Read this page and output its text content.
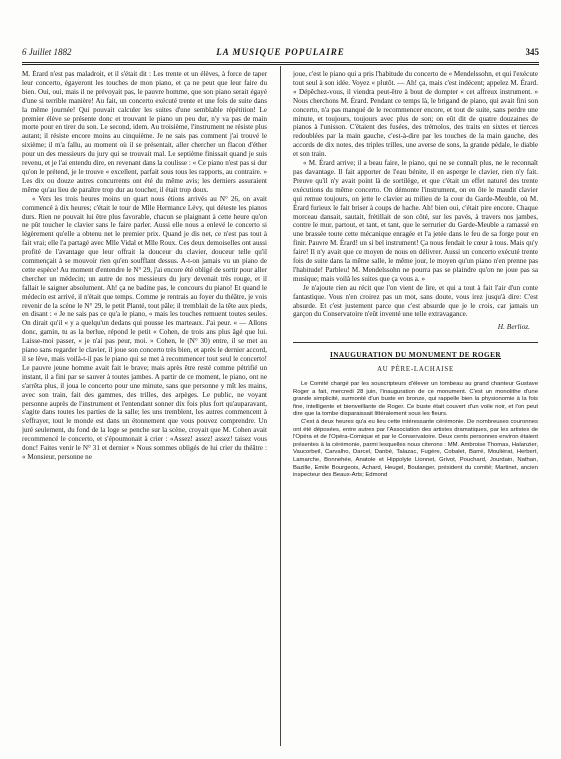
6 Juillet 1882	LA MUSIQUE POPULAIRE	345

M. Érard n'est pas maladroit, et il s'était dit : Les trente et un élèves, à force de taper leur concerto, égayeront les touches de mon piano, et ça ne peut que leur faire du bien. Oui, oui, mais il ne prévoyait pas, le pauvre homme, que son piano serait égayé d'une si terrible manière! Au fait, un concerto exécuté trente et une fois de suite dans la même journée! Qui pouvait calculer les suites d'une semblable répétition! Le premier élève se présente donc et trouvant le piano un peu dur, n'y va pas de main morte pour en tirer du son. Le second, idem. Au troisième, l'instrument ne résiste plus autant; il résiste encore moins au cinquième. Je ne sais pas comment j'ai trouvé le sixième; il m'a fallu, au moment où il se présentait, aller chercher un flacon d'éther pour un des messieurs du jury qui se trouvait mal. Le septième finissait quand je suis revenu, et je l'ai entendu dire, en revenant dans la coulisse : « Ce piano n'est pas si dur qu'on le prétend, je le trouve « excellent, parfait sous tous les rapports, au contraire. » Les dix ou douze autres concurrents ont été du même avis; les derniers assuraient même qu'au lieu de paraître trop dur au toucher, il était trop doux.

« Vers les trois heures moins un quart nous étions arrivés au N° 26, on avait commencé à dix heures; c'était le tour de Mlle Hermance Lévy, qui déteste les pianos durs. Rien ne pouvait lui être plus favorable, chacun se plaignant à cette heure qu'on ne pût toucher le clavier sans le faire parler. Aussi elle nous a enlevé le concerto si légèrement qu'elle a obtenu net le premier prix. Quand je dis net, ce n'est pas tout à fait vrai; elle l'a partagé avec Mlle Vidal et Mlle Roux. Ces deux demoiselles ont aussi profité de l'avantage que leur offrait la douceur du clavier, douceur telle qu'il commençait à se mouvoir rien qu'en soufflant dessus. A-t-on jamais vu un piano de cette espèce! Au moment d'entendre le N° 29, j'ai encore été obligé de sortir pour aller chercher un médecin; un autre de nos messieurs du jury devenait très rouge, et il fallait le saigner absolument. Ah! ça ne badine pas, le concours du piano! Et quand le médecin est arrivé, il n'était que temps. Comme je rentrais au foyer du théâtre, je vois revenir de la scène le N° 29, le petit Planté, tout pâle; il tremblait de la tête aux pieds, en disant : « Je ne sais pas ce qu'a le piano, « mais les touches remuent toutes seules. On dirait qu'il « y a quelqu'un dedans qui pousse les marteaux. J'ai peur. « — Allons donc, gamin, tu as la berlue, répond le petit « Cohen, de trois ans plus âgé que lui. Laisse-moi passer, « je n'ai pas peur, moi. » Cohen, le (N° 30) entre, il se met au piano sans regarder le clavier, il joue son concerto très bien, et après le dernier accord, il se lève, mais voilà-t-il pas le piano qui se met à recommencer tout seul le concerto! Le pauvre jeune homme avait fait le brave; mais après être resté comme pétrifié un instant, il a fini par se sauver à toutes jambes. A partir de ce moment, le piano, ont ne s'arrêta plus, il joua le concerto pour une minute, sans que personne y mît les mains, avec son train, fait des gammes, des trilles, des arpèges. Le public, ne voyant personne auprès de l'instrument et l'entendant sonner dix fois plus fort qu'auparavant, s'agite dans toutes les parties de la salle; les uns tremblent, les autres commencent à s'effrayer, tout le monde est dans un étonnement que vous pouvez comprendre. Un juré seulement, du fond de la loge se penche sur la scène, croyait que M. Cohen avait recommencé le concerto, et s'époumonait à crier : «Assez! assez! assez! taisez vous donc! Faites venir le N° 31 et dernier » Nous sommes obligés de lui crier du théâtre : « Monsieur, personne ne

joue, c'est le piano qui a pris l'habitude du concerto de « Mendelssohn, et qui l'exécute tout seul à son idée. Voyez « plutôt. — Ah! ça, mais c'est indécent; appelez M. Érard. « Dépêchez-vous, il viendra peut-être à bout de dompter « cet affreux instrument. » Nous cherchons M. Érard. Pendant ce temps là, le brigand de piano, qui avait fini son concerto, n'a pas manqué de le recommencer encore, et tout de suite, sans perdre une minute, et toujours, toujours avec plus de son; on eût dit de quatre douzaines de pianos à l'unisson. C'étaient des fusées, des trémolos, des traits en sixtes et tierces redoublées par la main gauche, c'est-à-dire par les touches de la main gauche, des accords de dix notes, des triples trilles, une averse de sons, la grande pédale, le diable et son train.

« M. Érard arrive; il a beau faire, le piano, qui ne se connaît plus, ne le reconnaît pas davantage. Il fait apporter de l'eau bénite, il en asperge le clavier, rien n'y fait. Preuve qu'il n'y avait point là de sortilège, et que c'était un effet naturel des trente exécutions du même concerto. On démonte l'instrument, on en ôte le maudit clavier qui remue toujours, on jette le clavier au milieu de la cour du Garde-Meuble, où M. Érard furieux le fait briser à coups de hache. Ah! bien oui, c'était pire encore. Chaque morceau dansait, sautait, frétillait de son côté, sur les pavés, à travers nos jambes, contre le mur, partout, et tant, et tant, que le serrurier du Garde-Meuble a ramassé en une brassée toute cette mécanique enragée et l'a jetée dans le feu de sa forge pour en finir. Pauvre M. Érard! un si bel instrument! Ça nous fendait le cœur à tous. Mais qu'y faire! Il n'y avait que ce moyen de nous en délivrer. Aussi un concerto exécuté trente fois de suite dans la même salle, le même jour, le moyen qu'un piano n'en prenne pas l'habitude! Parbleu! M. Mendelssohn ne pourra pas se plaindre qu'on ne joue pas sa musique; mais voilà les suites que ça vous a. »

Je n'ajoute rien au récit que l'on vient de lire, et qui a tout à fait l'air d'un conte fantastique. Vous n'en croirez pas un mot, sans doute, vous irez jusqu'à dire: C'est absurde. Et c'est justement parce que c'est absurde que je le crois, car jamais un garçon du Conservatoire n'eût inventé une telle extravagance.

H. Berlioz.
INAUGURATION DU MONUMENT DE ROGER
AU PÈRE-LACHAISE

Le Comité chargé par les souscripteurs d'élever un tombeau au grand chanteur Gustave Roger a fait, mercredi 28 juin, l'inauguration de ce monument. C'est un monolithe d'une grande simplicité, surmonté d'un buste en bronze, qui rappelle bien la physionomie à la fois fine, intelligente et bienveillante de Roger. Ce buste était couvert d'un voile noir, et l'on peut dire que la tombe disparaissait littéralement sous les fleurs.

C'est à deux heures qu'a eu lieu cette intéressante cérémonie. De nombreuses couronnes ont été déposées, entre autres par l'Association des artistes dramatiques, par les artistes de l'Opéra et de l'Opéra-Comique et par le Conservatoire. Deux cents personnes environ étaient présentes à la cérémonie, parmi lesquelles nous citerons : MM. Ambroise Thomas, Halanzier, Vaucorbeil, Carvalho, Darcel, Danbé, Talazac, Fugère, Cobalet, Barré, Mouliérat, Herbert, Lamarche, Bonnehée, Anatole et Hippolyte Lionnet, Grivot, Pouchard, Jourdain, Nathan, Bazille, Emile Bourgeois, Achard, Heugel, Boulanger, président du comité; Martinet, ancien inspecteur des Beaux-Arts; Edmond
